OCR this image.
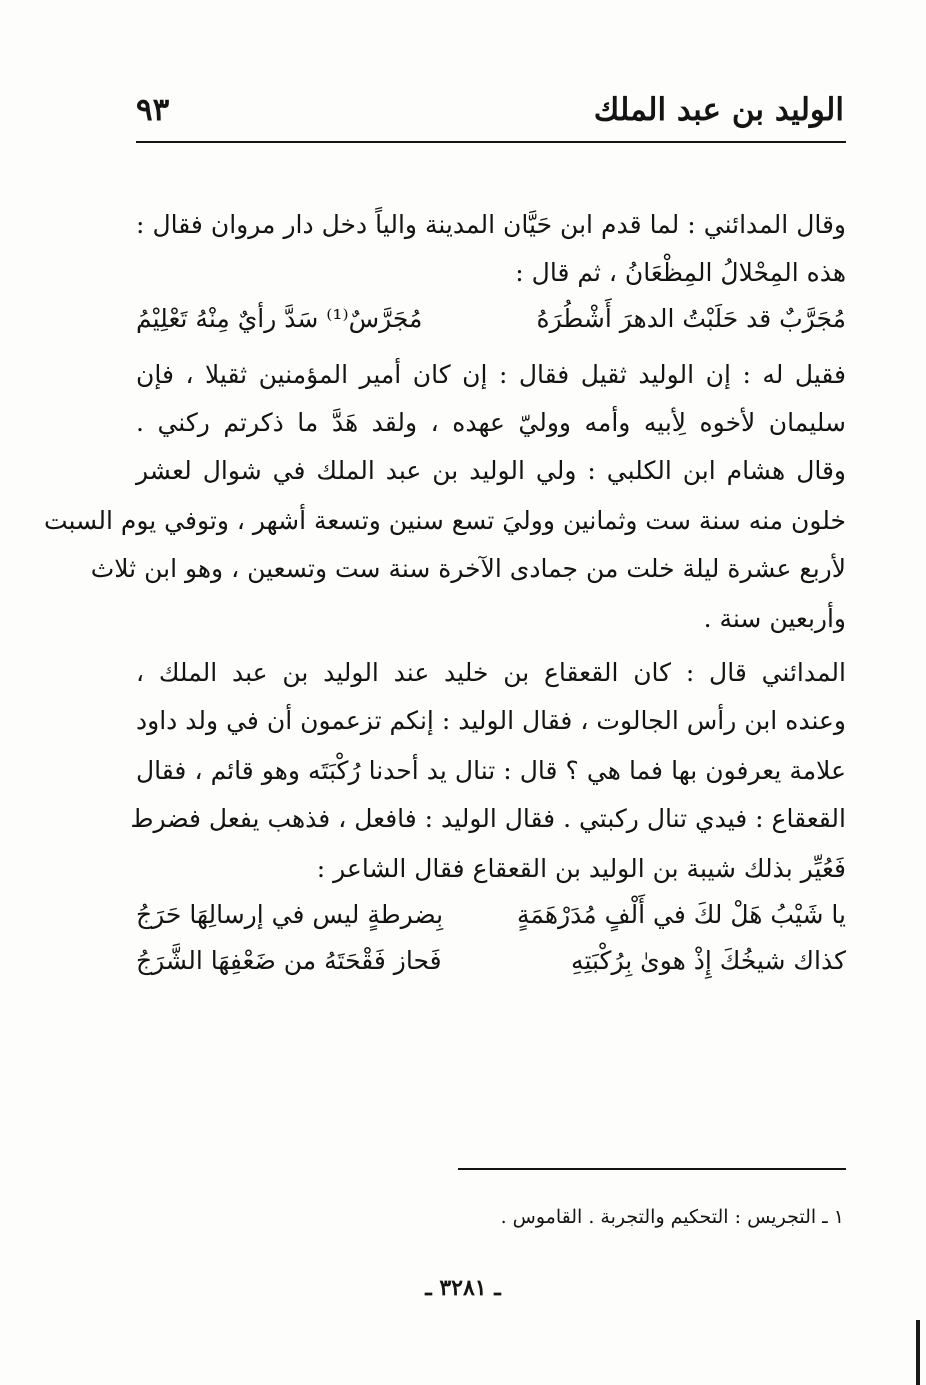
الوليد بن عبد الملك
٩٣
وقال المدائني : لما قدم ابن حَيَّان المدينة والياً دخل دار مروان فقال :
هذه المِحْلالُ المِظْعَانُ ، ثم قال :
مُجَرَّبٌ قد حَلَبْتُ الدهرَ أَشْطُرَهُ
مُجَرَّسٌ⁽¹⁾ سَدَّ رأيٌ مِنْهُ تَعْلِيْمُ
فقيل له : إن الوليد ثقيل فقال : إن كان أمير المؤمنين ثقيلا ، فإن
سليمان لأخوه لِأبيه وأمه ووليّ عهده ، ولقد هَدَّ ما ذكرتم ركني .
وقال هشام ابن الكلبي : ولي الوليد بن عبد الملك في شوال لعشر
خلون منه سنة ست وثمانين ووليَ تسع سنين وتسعة أشهر ، وتوفي يوم السبت
لأربع عشرة ليلة خلت من جمادى الآخرة سنة ست وتسعين ، وهو ابن ثلاث
وأربعين سنة .
المدائني قال : كان القعقاع بن خليد عند الوليد بن عبد الملك ،
وعنده ابن رأس الجالوت ، فقال الوليد : إنكم تزعمون أن في ولد داود
علامة يعرفون بها فما هي ؟ قال : تنال يد أحدنا رُكْبَتَه وهو قائم ، فقال
القعقاع : فيدي تنال ركبتي . فقال الوليد : فافعل ، فذهب يفعل فضرط
فَعُيِّر بذلك شيبة بن الوليد بن القعقاع فقال الشاعر :
يا شَيْبُ هَلْ لكَ في أَلْفٍ مُدَرْهَمَةٍ
بِضرطةٍ ليس في إرسالِهَا حَرَجُ
كذاك شيخُكَ إِذْ هوىٰ بِرُكْبَتِهِ
فَحاز فَقْحَتَهُ من ضَعْفِهَا الشَّرَجُ
١ ـ التجريس : التحكيم والتجربة . القاموس .
ـ ٣٢٨١ ـ
